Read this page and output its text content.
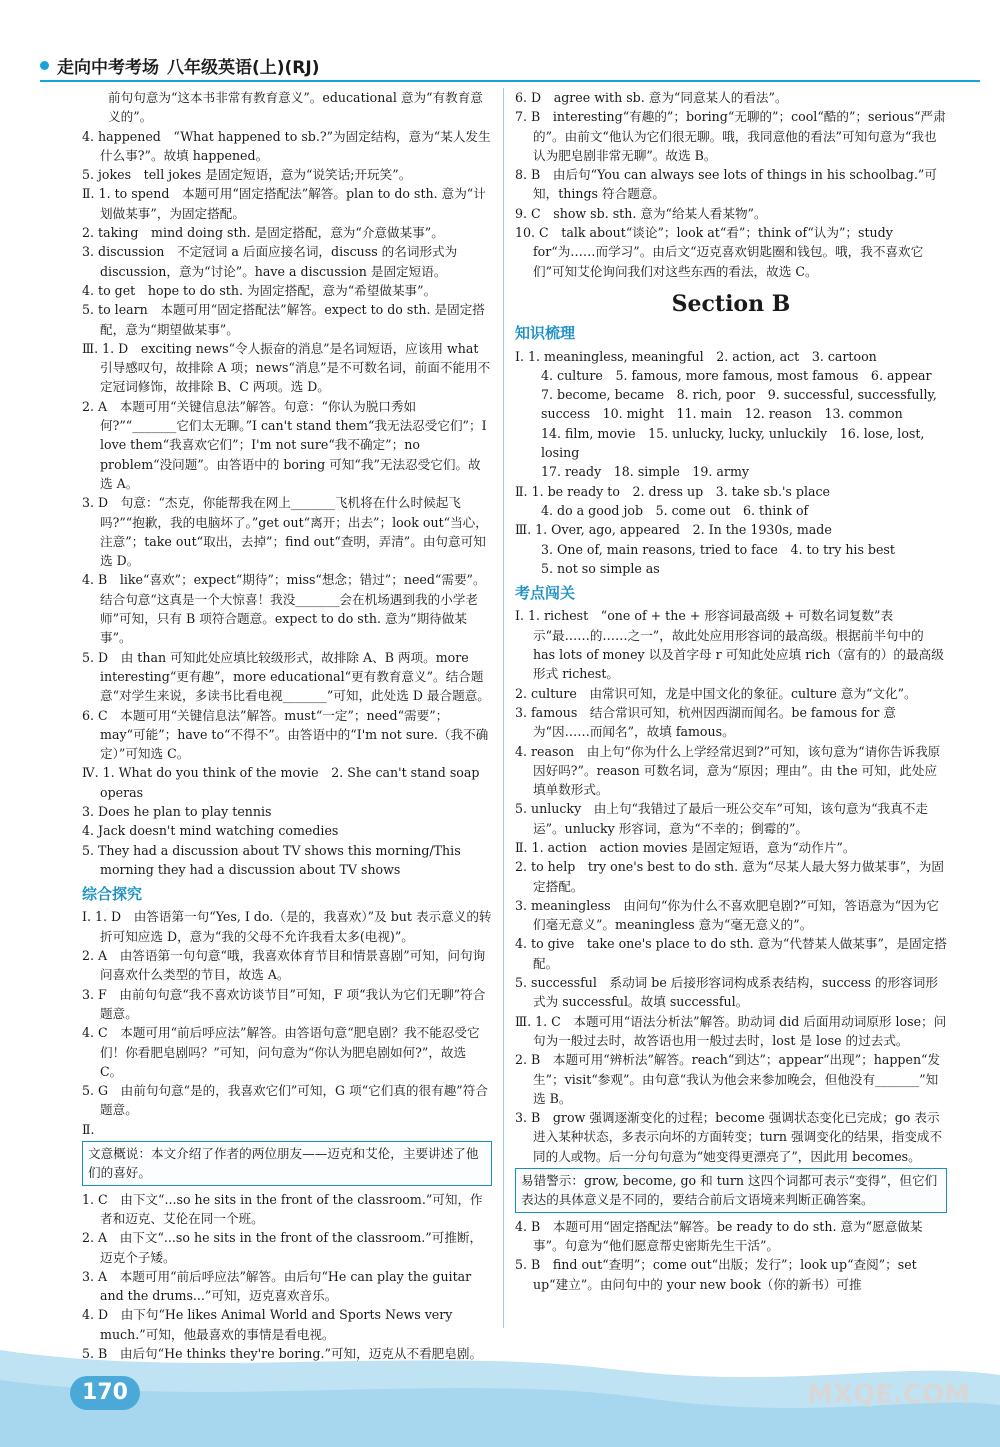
走向中考考场 八年级英语(上)(RJ)
前句句意为“这本书非常有教育意义”。educational 意为“有教育意义的”。
4. happened　“What happened to sb.?”为固定结构，意为“某人发生什么事?”。故填 happened。
5. jokes　tell jokes 是固定短语，意为“说笑话;开玩笑”。
Ⅱ. 1. to spend　本题可用“固定搭配法”解答。plan to do sth. 意为“计划做某事”，为固定搭配。
2. taking　mind doing sth. 是固定搭配，意为“介意做某事”。
3. discussion　不定冠词 a 后面应接名词，discuss 的名词形式为 discussion，意为“讨论”。have a discussion 是固定短语。
4. to get　hope to do sth. 为固定搭配，意为“希望做某事”。
5. to learn　本题可用“固定搭配法”解答。expect to do sth. 是固定搭配，意为“期望做某事”。
Ⅲ. 1. D　exciting news“令人振奋的消息”是名词短语，应该用 what 引导感叹句，故排除 A 项；news“消息”是不可数名词，前面不能用不定冠词修饰，故排除 B、C 两项。选 D。
2. A　本题可用“关键信息法”解答。句意：“你认为脱口秀如何?”“_______它们太无聊。”I can't stand them“我无法忍受它们”；I love them“我喜欢它们”；I'm not sure“我不确定”；no problem“没问题”。由答语中的 boring 可知“我”无法忍受它们。故选 A。
3. D　句意：“杰克，你能帮我在网上_______飞机将在什么时候起飞吗?”“抱歉，我的电脑坏了。”get out“离开；出去”；look out“当心，注意”；take out“取出，去掉”；find out“查明，弄清”。由句意可知选 D。
4. B　like“喜欢”；expect“期待”；miss“想念；错过”；need“需要”。结合句意“这真是一个大惊喜！我没_______会在机场遇到我的小学老师”可知，只有 B 项符合题意。expect to do sth. 意为“期待做某事”。
5. D　由 than 可知此处应填比较级形式，故排除 A、B 两项。more interesting“更有趣”，more educational“更有教育意义”。结合题意“对学生来说，多读书比看电视_______”可知，此处选 D 最合题意。
6. C　本题可用“关键信息法”解答。must“一定”；need“需要”；may“可能”；have to“不得不”。由答语中的“I'm not sure.（我不确定）”可知选 C。
Ⅳ. 1. What do you think of the movie　2. She can't stand soap operas
3. Does he plan to play tennis
4. Jack doesn't mind watching comedies
5. They had a discussion about TV shows this morning/This morning they had a discussion about TV shows
综合探究
Ⅰ. 1. D　由答语第一句“Yes, I do.（是的，我喜欢）”及 but 表示意义的转折可知应选 D，意为“我的父母不允许我看太多(电视)”。
2. A　由答语第一句句意“哦，我喜欢体育节目和情景喜剧”可知，问句询问喜欢什么类型的节目，故选 A。
3. F　由前句句意“我不喜欢访谈节目”可知，F 项“我认为它们无聊”符合题意。
4. C　本题可用“前后呼应法”解答。由答语句意“肥皂剧？我不能忍受它们！你看肥皂剧吗？”可知，问句意为“你认为肥皂剧如何?”，故选 C。
5. G　由前句句意“是的，我喜欢它们”可知，G 项“它们真的很有趣”符合题意。
Ⅱ.
文意概说：本文介绍了作者的两位朋友——迈克和艾伦，主要讲述了他们的喜好。
1. C　由下文“...so he sits in the front of the classroom.”可知，作者和迈克、艾伦在同一个班。
2. A　由下文“...so he sits in the front of the classroom.”可推断，迈克个子矮。
3. A　本题可用“前后呼应法”解答。由后句“He can play the guitar and the drums...”可知，迈克喜欢音乐。
4. D　由下句“He likes Animal World and Sports News very much.”可知，他最喜欢的事情是看电视。
5. B　由后句“He thinks they're boring.”可知，迈克从不看肥皂剧。
6. D　agree with sb. 意为“同意某人的看法”。
7. B　interesting“有趣的”；boring“无聊的”；cool“酷的”；serious“严肃的”。由前文“他认为它们很无聊。哦，我同意他的看法”可知句意为“我也认为肥皂剧非常无聊”。故选 B。
8. B　由后句“You can always see lots of things in his schoolbag.”可知，things 符合题意。
9. C　show sb. sth. 意为“给某人看某物”。
10. C　talk about“谈论”；look at“看”；think of“认为”；study for“为……而学习”。由后文“迈克喜欢钥匙圈和钱包。哦，我不喜欢它们”可知艾伦询问我们对这些东西的看法，故选 C。
Section B
知识梳理
Ⅰ. 1. meaningless, meaningful　2. action, act　3. cartoon
4. culture　5. famous, more famous, most famous　6. appear
7. become, became　8. rich, poor　9. successful, successfully, success　10. might　11. main　12. reason　13. common
14. film, movie　15. unlucky, lucky, unluckily　16. lose, lost, losing
17. ready　18. simple　19. army
Ⅱ. 1. be ready to　2. dress up　3. take sb.'s place
4. do a good job　5. come out　6. think of
Ⅲ. 1. Over, ago, appeared　2. In the 1930s, made
3. One of, main reasons, tried to face　4. to try his best
5. not so simple as
考点闯关
Ⅰ. 1. richest　“one of + the + 形容词最高级 + 可数名词复数”表示“最……的……之一”，故此处应用形容词的最高级。根据前半句中的 has lots of money 以及首字母 r 可知此处应填 rich（富有的）的最高级形式 richest。
2. culture　由常识可知，龙是中国文化的象征。culture 意为“文化”。
3. famous　结合常识可知，杭州因西湖而闻名。be famous for 意为“因……而闻名”，故填 famous。
4. reason　由上句“你为什么上学经常迟到?”可知，该句意为“请你告诉我原因好吗?”。reason 可数名词，意为“原因；理由”。由 the 可知，此处应填单数形式。
5. unlucky　由上句“我错过了最后一班公交车”可知，该句意为“我真不走运”。unlucky 形容词，意为“不幸的；倒霉的”。
Ⅱ. 1. action　action movies 是固定短语，意为“动作片”。
2. to help　try one's best to do sth. 意为“尽某人最大努力做某事”，为固定搭配。
3. meaningless　由问句“你为什么不喜欢肥皂剧?”可知，答语意为“因为它们毫无意义”。meaningless 意为“毫无意义的”。
4. to give　take one's place to do sth. 意为“代替某人做某事”，是固定搭配。
5. successful　系动词 be 后接形容词构成系表结构，success 的形容词形式为 successful。故填 successful。
Ⅲ. 1. C　本题可用“语法分析法”解答。助动词 did 后面用动词原形 lose；问句为一般过去时，故答语也用一般过去时，lost 是 lose 的过去式。
2. B　本题可用“辨析法”解答。reach“到达”；appear“出现”；happen“发生”；visit“参观”。由句意“我认为他会来参加晚会，但他没有_______”知选 B。
3. B　grow 强调逐渐变化的过程；become 强调状态变化已完成；go 表示进入某种状态，多表示向坏的方面转变；turn 强调变化的结果，指变成不同的人或物。后一分句句意为“她变得更漂亮了”，因此用 becomes。
易错警示：grow, become, go 和 turn 这四个词都可表示“变得”，但它们表达的具体意义是不同的，要结合前后文语境来判断正确答案。
4. B　本题可用“固定搭配法”解答。be ready to do sth. 意为“愿意做某事”。句意为“他们愿意帮史密斯先生干活”。
5. B　find out“查明”；come out“出版；发行”；look up“查阅”；set up“建立”。由问句中的 your new book（你的新书）可推
170	MXQE.COM
